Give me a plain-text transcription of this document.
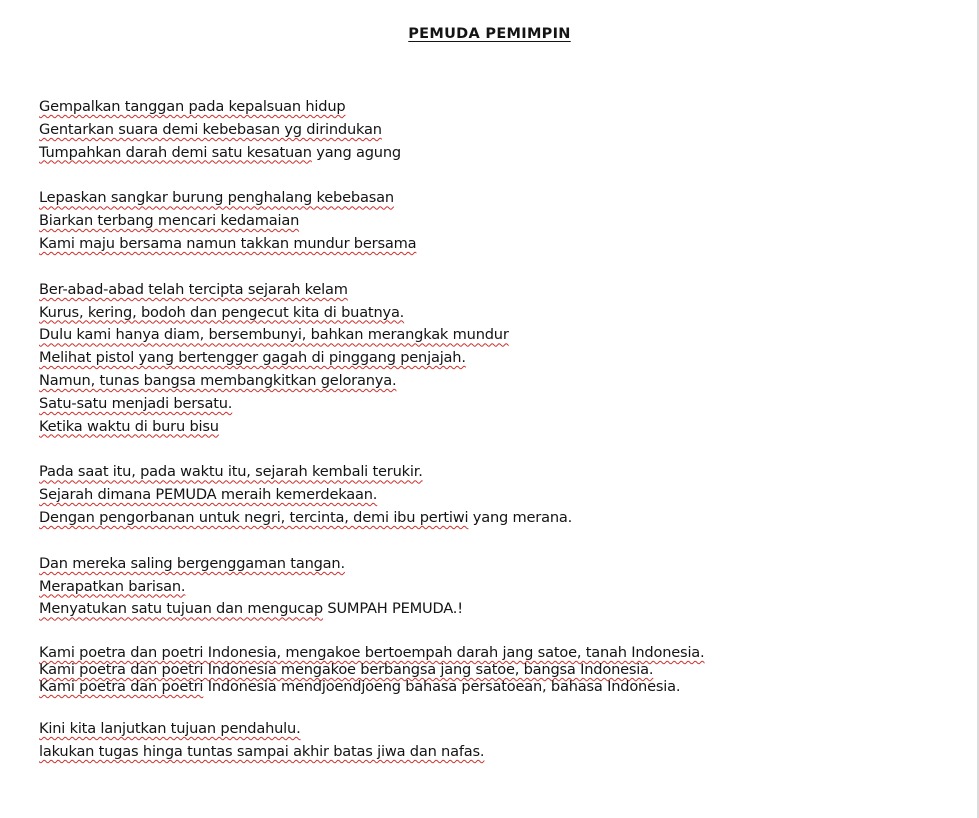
PEMUDA PEMIMPIN
Gempalkan tanggan pada kepalsuan hidup
Gentarkan suara demi kebebasan yg dirindukan
Tumpahkan darah demi satu kesatuan yang agung
Lepaskan sangkar burung penghalang kebebasan
Biarkan terbang mencari kedamaian
Kami maju bersama namun takkan mundur bersama
Ber-abad-abad telah tercipta sejarah kelam
Kurus, kering, bodoh dan pengecut kita di buatnya.
Dulu kami hanya diam, bersembunyi, bahkan merangkak mundur
Melihat pistol yang bertengger gagah di pinggang penjajah.
Namun, tunas bangsa membangkitkan geloranya.
Satu-satu menjadi bersatu.
Ketika waktu di buru bisu
Pada saat itu, pada waktu itu, sejarah kembali terukir.
Sejarah dimana PEMUDA meraih kemerdekaan.
Dengan pengorbanan untuk negri, tercinta, demi ibu pertiwi yang merana.
Dan mereka saling bergenggaman tangan.
Merapatkan barisan.
Menyatukan satu tujuan dan mengucap SUMPAH PEMUDA.!
Kami poetra dan poetri Indonesia, mengakoe bertoempah darah jang satoe, tanah Indonesia.
Kami poetra dan poetri Indonesia mengakoe berbangsa jang satoe, bangsa Indonesia.
Kami poetra dan poetri Indonesia mendjoendjoeng bahasa persatoean, bahasa Indonesia.
Kini kita lanjutkan tujuan pendahulu.
lakukan tugas hinga tuntas sampai akhir batas jiwa dan nafas.
